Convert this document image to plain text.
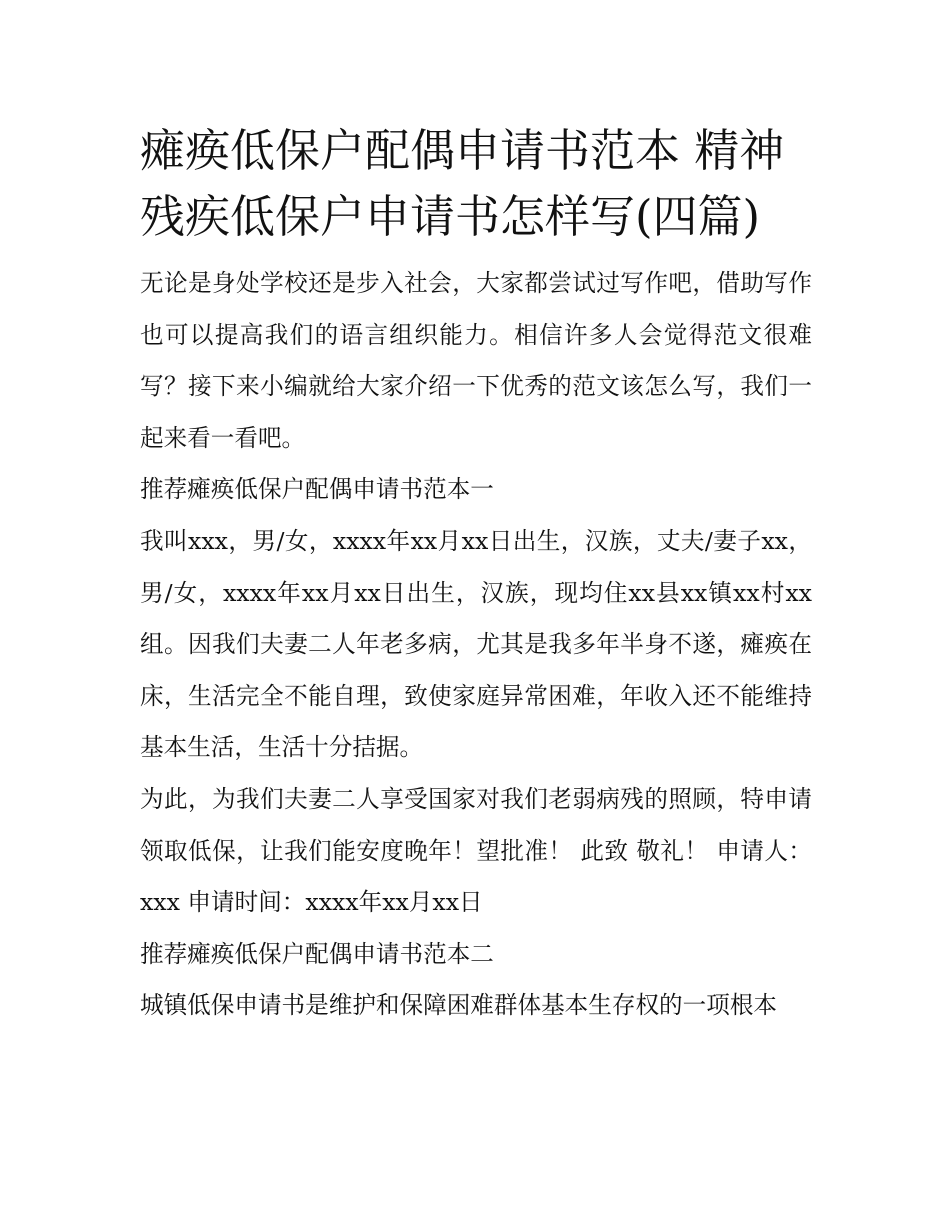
瘫痪低保户配偶申请书范本 精神残疾低保户申请书怎样写(四篇)

无论是身处学校还是步入社会，大家都尝试过写作吧，借助写作也可以提高我们的语言组织能力。相信许多人会觉得范文很难写？接下来小编就给大家介绍一下优秀的范文该怎么写，我们一起来看一看吧。

推荐瘫痪低保户配偶申请书范本一

我叫xxx，男/女，xxxx年xx月xx日出生，汉族，丈夫/妻子xx，男/女，xxxx年xx月xx日出生，汉族，现均住xx县xx镇xx村xx组。因我们夫妻二人年老多病，尤其是我多年半身不遂，瘫痪在床，生活完全不能自理，致使家庭异常困难，年收入还不能维持基本生活，生活十分拮据。

为此，为我们夫妻二人享受国家对我们老弱病残的照顾，特申请领取低保，让我们能安度晚年！望批准！ 此致 敬礼！ 申请人：xxx 申请时间：xxxx年xx月xx日

推荐瘫痪低保户配偶申请书范本二

城镇低保申请书是维护和保障困难群体基本生存权的一项根本
